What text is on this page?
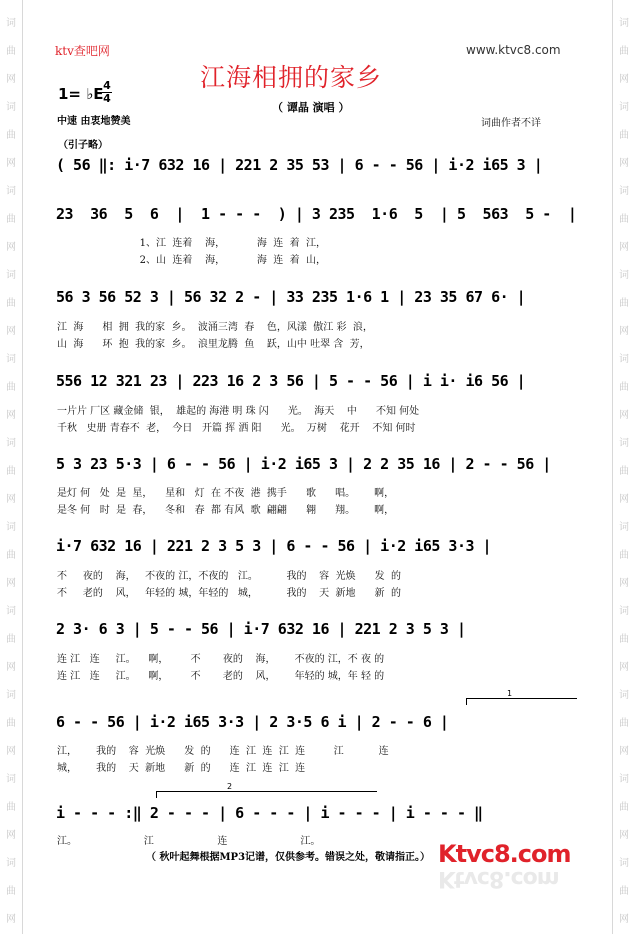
词
曲
网
词
曲
网
词
曲
网
词
曲
网
词
曲
网
词
曲
网
词
曲
网
词
曲
网
词
曲
网
词
曲
网
词
曲
网
词
曲
网
词
曲
网
词
曲
网
词
曲
网
词
曲
网
词
曲
网
词
曲
网
词
曲
网
词
曲
网
词
曲
网
词
曲
网
ktv查吧网	www.ktvc8.com
江海相拥的家乡
1= ♭E 4
4
（ 谭晶 演唱 ）
中速 由衷地赞美	词曲作者不详
（引子略）
( 56 ‖: i·7 632 16 | 221 2 35 53 | 6 - - 56 | i·2 i65 3 |
23  36  5  6  |  1 - - -  ) | 3 235  1·6  5  | 5  563  5 -  |
1、江  连着    海，          海  连  着  江，
2、山  连着    海，          海  连  着  山，
56 3 56 52 3 | 56 32 2 - | 33 235 1·6 1 | 23 35 67 6· |
江  海      相  拥  我的家  乡。  波涌三湾  春    色，风漾  傲江 彩  浪，
山  海      环  抱  我的家  乡。  浪里龙腾  鱼    跃，山中 吐翠 含  芳，
556 12 321 23 | 223 16 2 3 56 | 5 - - 56 | i i· i6 56 |
一片片 厂区 藏金储  银，  雄起的 海港 明 珠 闪      光。  海天    中      不知 何处
千秋   史册 青春不  老，  今日   开篇 挥 洒 阳      光。  万树    花开    不知 何时
5 3 23 5·3 | 6 - - 56 | i·2 i65 3 | 2 2 35 16 | 2 - - 56 |
是灯 何   处  是  星，    星和   灯  在 不夜  港  携手      歌      唱。      啊，
是冬 何   时  是  春，    冬和   春  都 有风  歌  翩翩      翱      翔。      啊，
i·7 632 16 | 221 2 3 5 3 | 6 - - 56 | i·2 i65 3·3 |
不     夜的    海，   不夜的 江，不夜的   江。         我的    容  光焕      发  的
不     老的    风，   年轻的 城，年轻的   城，         我的    天  新地      新  的
2 3· 6 3 | 5 - - 56 | i·7 632 16 | 221 2 3 5 3 |
连 江   连     江。    啊，       不       夜的    海，      不夜的 江，不 夜 的
连 江   连     江。    啊，       不       老的    风，      年轻的 城，年 轻 的
1
6 - - 56 | i·2 i65 3·3 | 2 3·5 6 i | 2 - - 6 |
江，      我的    容  光焕      发  的      连  江  连  江  连         江           连
城，      我的    天  新地      新  的      连  江  连  江  连
2
i - - - :‖ 2 - - - | 6 - - - | i - - - | i - - - ‖
江。                     江                    连                       江。
（ 秋叶起舞根据MP3记谱，仅供参考。错误之处，敬请指正。） Ktvc8.com
Ktvc8.com
